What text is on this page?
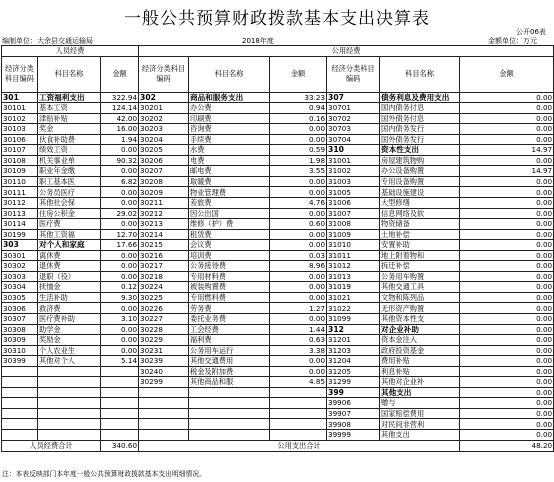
一般公共预算财政拨款基本支出决算表
公开06表
编制单位：大余县交通运输局	2018年度	金额单位：万元
人员经费			公用经费					
经济分类科目编码	科目名称	金额	经济分类科目编码	科目名称	金额	经济分类科目编码	科目名称	金额
301	工资福利支出	322.94	302	商品和服务支出	33.23	307	债务利息及费用支出	0.00
30101	基本工资	124.14	30201	办公费	0.94	30701	国内债务付息	0.00
30102	津贴补贴	42.00	30202	印刷费	0.16	30702	国外债务付息	0.00
30103	奖金	16.00	30203	咨询费	0.00	30703	国内债务发行	0.00
30106	伙食补助费	1.94	30204	手续费	0.00	30704	国外债务发行	0.00
30107	绩效工资	0.00	30205	水费	0.59	310	资本性支出	14.97
30108	机关事业单	90.32	30206	电费	1.98	31001	房屋建筑物购	0.00
30109	职业年金缴	0.00	30207	邮电费	3.55	31002	办公设备购置	14.97
30110	职工基本医	6.82	30208	取暖费	0.00	31003	专用设备购置	0.00
30111	公务员医疗	0.00	30209	物业管理费	0.00	31005	基础设施建设	0.00
30112	其他社会保	0.00	30211	差旅费	4.76	31006	大型修缮	0.00
30113	住房公积金	29.02	30212	因公出国	0.00	31007	信息网络及软	0.00
30114	医疗费	0.00	30213	维修（护）费	0.60	31008	物资储备	0.00
30199	其他工资福	12.70	30214	租赁费	0.00	31009	土地补偿	0.00
303	对个人和家庭	17.66	30215	会议费	0.00	31010	安置补助	0.00
30301	离休费	0.00	30216	培训费	0.03	31011	地上附着物和	0.00
30302	退休费	0.00	30217	公务接待费	8.96	31012	拆迁补偿	0.00
30303	退职（役）	0.00	30218	专用材料费	0.00	31013	公务用车购置	0.00
30304	抚恤金	0.12	30224	被装购置费	0.00	31019	其他交通工具	0.00
30305	生活补助	9.30	30225	专用燃料费	0.00	31021	文物和陈列品	0.00
30306	救济费	0.00	30226	劳务费	1.27	31022	无形资产购置	0.00
30307	医疗费补助	3.10	30227	委托业务费	0.00	31099	其他资本性支	0.00
30308	助学金	0.00	30228	工会经费	1.44	312	对企业补助	0.00
30309	奖励金	0.00	30229	福利费	0.63	31201	资本金注入	0.00
30310	个人农业生	0.00	30231	公务用车运行	3.38	31203	政府投资基金	0.00
30399	其他对个人	5.14	30239	其他交通费用	0.00	31204	费用补贴	0.00
			30240	税金及附加费	0.00	31205	利息补贴	0.00
			30299	其他商品和服	4.85	31299	其他对企业补	0.00
						399	其他支出	0.00
						39906	赠与	0.00
						39907	国家赔偿费用	0.00
						39908	对民间非营利	0.00
						39999	其他支出	0.00
人员经费合计		340.60	公用支出合计					48.20
注：本表反映部门本年度一般公共预算财政拨款基本支出明细情况。
